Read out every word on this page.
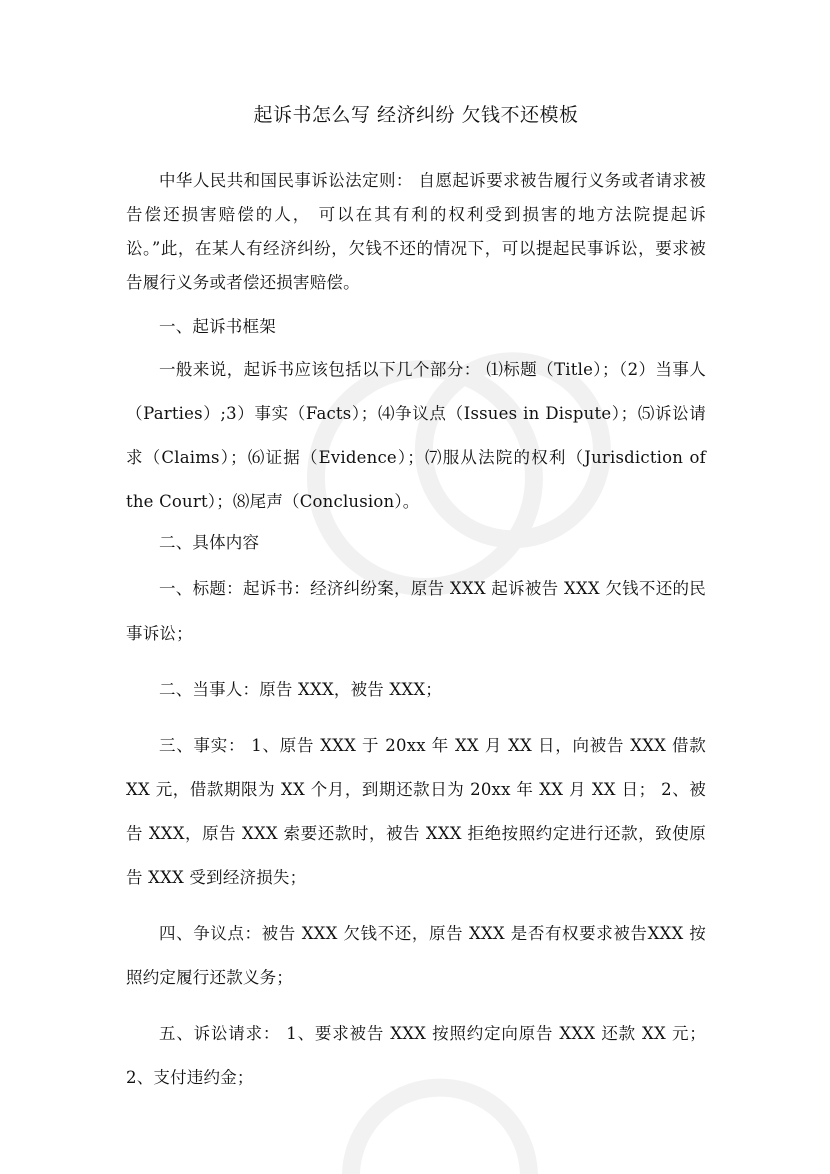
起诉书怎么写 经济纠纷 欠钱不还模板

中华人民共和国民事诉讼法定则： 自愿起诉要求被告履行义务或者请求被告偿还损害赔偿的人， 可以在其有利的权利受到损害的地方法院提起诉讼。”此，在某人有经济纠纷，欠钱不还的情况下，可以提起民事诉讼，要求被告履行义务或者偿还损害赔偿。

一、起诉书框架

一般来说，起诉书应该包括以下几个部分： ⑴标题（Title）；（2）当事人（Parties）;3）事实（Facts）；⑷争议点（Issues in Dispute）；⑸诉讼请求（Claims）；⑹证据（Evidence）；⑺服从法院的权利（Jurisdiction of the Court）；⑻尾声（Conclusion）。

二、具体内容

一、标题：起诉书：经济纠纷案，原告 XXX 起诉被告 XXX 欠钱不还的民事诉讼；

二、当事人：原告 XXX，被告 XXX；

三、事实： 1、原告 XXX 于 20xx 年 XX 月 XX 日，向被告 XXX 借款XX 元，借款期限为 XX 个月，到期还款日为 20xx 年 XX 月 XX 日； 2、被告 XXX，原告 XXX 索要还款时，被告 XXX 拒绝按照约定进行还款，致使原告 XXX 受到经济损失；

四、争议点：被告 XXX 欠钱不还，原告 XXX 是否有权要求被告XXX 按照约定履行还款义务；

五、诉讼请求： 1、要求被告 XXX 按照约定向原告 XXX 还款 XX 元；2、支付违约金；
